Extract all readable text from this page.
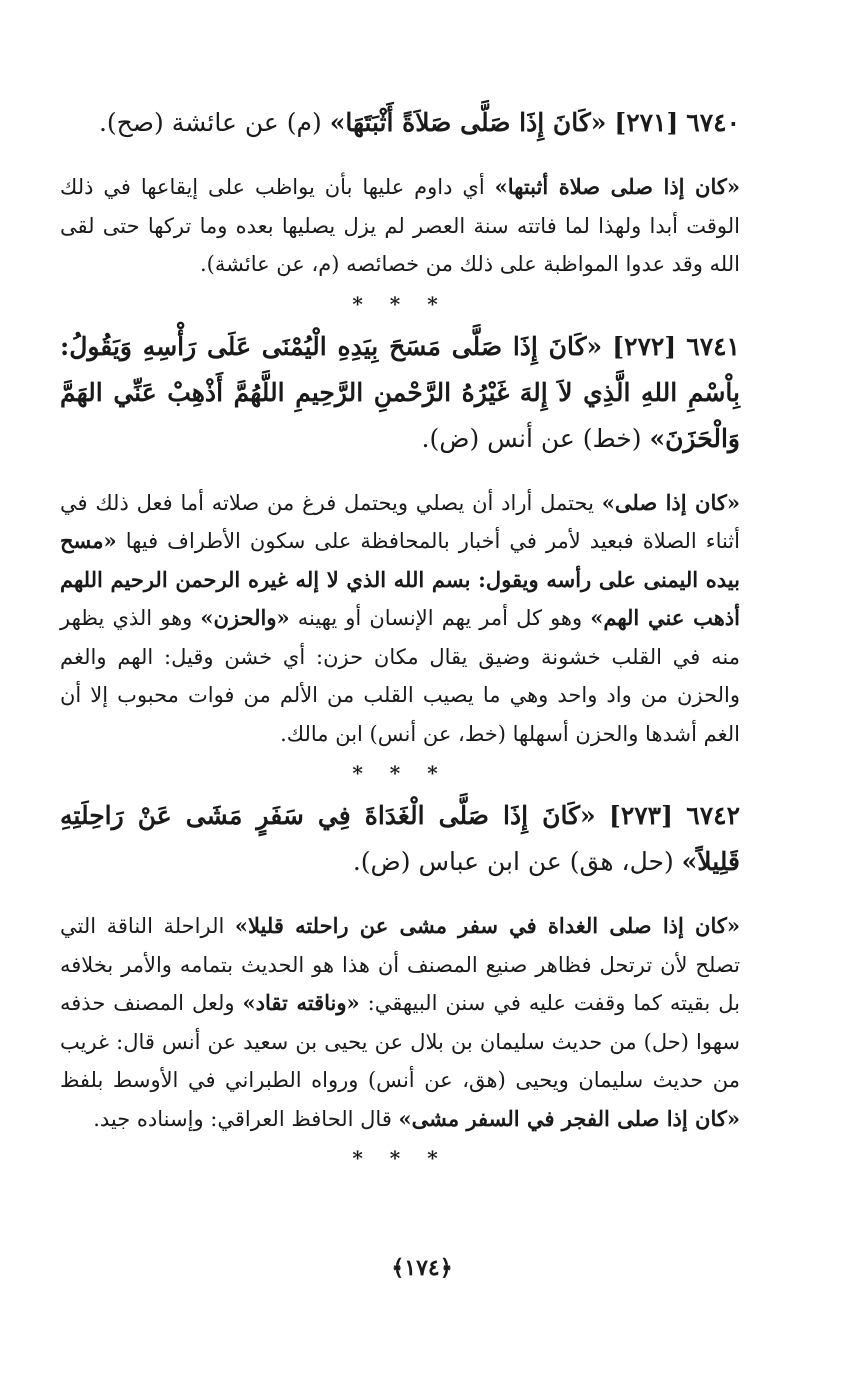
٦٧٤٠ [٢٧١] «كَانَ إِذَا صَلَّى صَلاَةً أَثْبَتَهَا» (م) عن عائشة (صح).

«كان إذا صلى صلاة أثبتها» أي داوم عليها بأن يواظب على إيقاعها في ذلك الوقت أبدا ولهذا لما فاتته سنة العصر لم يزل يصليها بعده وما تركها حتى لقى الله وقد عدوا المواظبة على ذلك من خصائصه (م، عن عائشة).

* * *

٦٧٤١ [٢٧٢] «كَانَ إِذَا صَلَّى مَسَحَ بِيَدِهِ الْيُمْنَى عَلَى رَأْسِهِ وَيَقُولُ: بِاْسْمِ اللهِ الَّذِي لاَ إِلهَ غَيْرُهُ الرَّحْمنِ الرَّحِيمِ اللَّهُمَّ أَذْهِبْ عَنِّي الهَمَّ وَالْحَزَنَ» (خط) عن أنس (ض).

«كان إذا صلى» يحتمل أراد أن يصلي ويحتمل فرغ من صلاته أما فعل ذلك في أثناء الصلاة فبعيد لأمر في أخبار بالمحافظة على سكون الأطراف فيها «مسح بيده اليمنى على رأسه ويقول: بسم الله الذي لا إله غيره الرحمن الرحيم اللهم أذهب عني الهم» وهو كل أمر يهم الإنسان أو يهينه «والحزن» وهو الذي يظهر منه في القلب خشونة وضيق يقال مكان حزن: أي خشن وقيل: الهم والغم والحزن من واد واحد وهي ما يصيب القلب من الألم من فوات محبوب إلا أن الغم أشدها والحزن أسهلها (خط، عن أنس) ابن مالك.

* * *

٦٧٤٢ [٢٧٣] «كَانَ إِذَا صَلَّى الْغَدَاةَ فِي سَفَرٍ مَشَى عَنْ رَاحِلَتِهِ قَلِيلاً» (حل، هق) عن ابن عباس (ض).

«كان إذا صلى الغداة في سفر مشى عن راحلته قليلا» الراحلة الناقة التي تصلح لأن ترتحل فظاهر صنيع المصنف أن هذا هو الحديث بتمامه والأمر بخلافه بل بقيته كما وقفت عليه في سنن البيهقي: «وناقته تقاد» ولعل المصنف حذفه سهوا (حل) من حديث سليمان بن بلال عن يحيى بن سعيد عن أنس قال: غريب من حديث سليمان ويحيى (هق، عن أنس) ورواه الطبراني في الأوسط بلفظ «كان إذا صلى الفجر في السفر مشى» قال الحافظ العراقي: وإسناده جيد.

* * *
﴿١٧٤﴾
